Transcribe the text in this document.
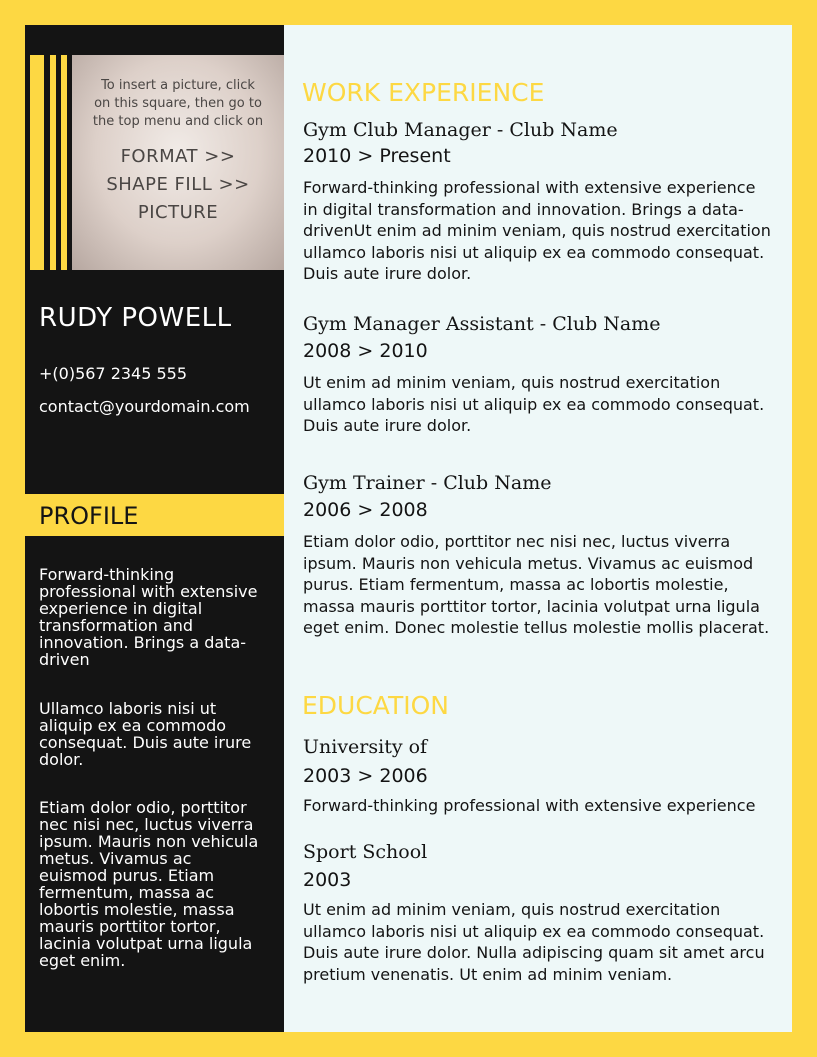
To insert a picture, click on this square, then go to the top menu and click on
FORMAT >>
SHAPE FILL >>
PICTURE
RUDY POWELL
+(0)567 2345 555
contact@yourdomain.com
PROFILE
Forward-thinking professional with extensive experience in digital transformation and innovation. Brings a data-driven
Ullamco laboris nisi ut aliquip ex ea commodo consequat. Duis aute irure dolor.
Etiam dolor odio, porttitor nec nisi nec, luctus viverra ipsum. Mauris non vehicula metus. Vivamus ac euismod purus. Etiam fermentum, massa ac lobortis molestie, massa mauris porttitor tortor, lacinia volutpat urna ligula eget enim.
WORK EXPERIENCE
Gym Club Manager - Club Name
2010 > Present
Forward-thinking professional with extensive experience in digital transformation and innovation. Brings a data-drivenUt enim ad minim veniam, quis nostrud exercitation ullamco laboris nisi ut aliquip ex ea commodo consequat. Duis aute irure dolor.
Gym Manager Assistant - Club Name
2008 > 2010
Ut enim ad minim veniam, quis nostrud exercitation ullamco laboris nisi ut aliquip ex ea commodo consequat. Duis aute irure dolor.
Gym Trainer - Club Name
2006 > 2008
Etiam dolor odio, porttitor nec nisi nec, luctus viverra ipsum. Mauris non vehicula metus. Vivamus ac euismod purus. Etiam fermentum, massa ac lobortis molestie, massa mauris porttitor tortor, lacinia volutpat urna ligula eget enim. Donec molestie tellus molestie mollis placerat.
EDUCATION
University of
2003 > 2006
Forward-thinking professional with extensive experience
Sport School
2003
Ut enim ad minim veniam, quis nostrud exercitation ullamco laboris nisi ut aliquip ex ea commodo consequat. Duis aute irure dolor. Nulla adipiscing quam sit amet arcu pretium venenatis. Ut enim ad minim veniam.
